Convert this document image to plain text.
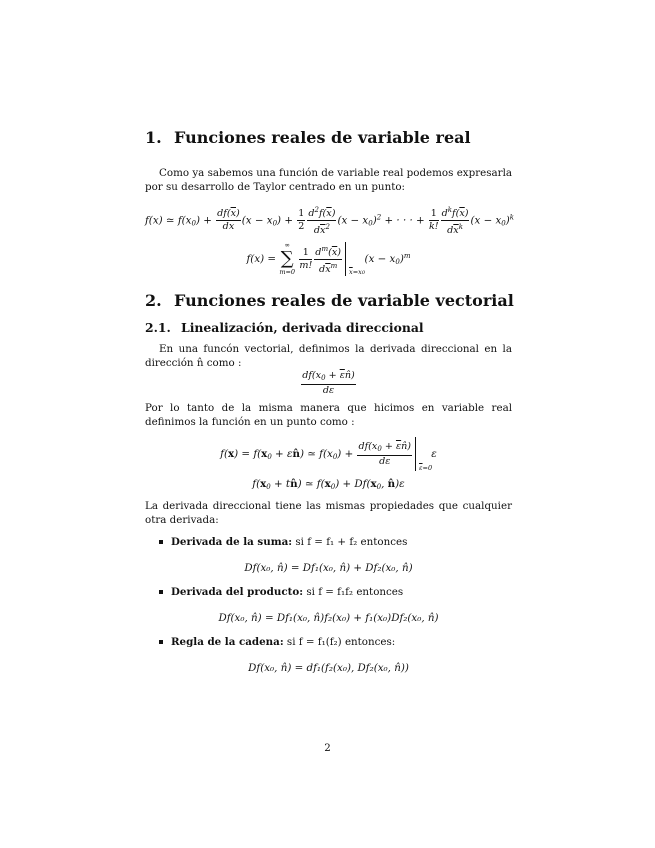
1. Funciones reales de variable real

Como ya sabemos una función de variable real podemos expresarla por su desarrollo de Taylor centrado en un punto:

f(x) ≃ $f(x0) + \frac{df(\overline{x})}{d\overline{x}} (x - x0) + \frac{1}{2} \frac{d^2f(\overline{x})}{d\overline{x}^2} (x - x0)^2$ + · · · + $\frac{1}{k!} \frac{d^kf(\overline{x})}{d\overline{x}^k} (x - x0)^k$
f(x) =
∞
∑
m=0

$\frac{1}{m!} \frac{d^m(\overline{x})}{d\overline{x}^m} \overline{x}=x0$
$(x - x0)^m$
2. Funciones reales de variable vectorial
2.1. Linealización, derivada direccional

En una funcón vectorial, definimos la derivada direccional en la dirección n̂ como :

$\frac{df(x_0 + \overline{\varepsilon}n̂)}{d\overline{\varepsilon}}$

Por lo tanto de la misma manera que hicimos en variable real definimos la función en un punto como :

f(x) = f(x0 + εn̂) ≃ $f(x0) + \frac{df(x_0 + \overline{\varepsilon}n̂)}{d\overline{\varepsilon}}$
$\overline{\varepsilon}=0$
ε
f(x0 + tn̂) ≃ f(x0) + Df(x0, n̂)ε

La derivada direccional tiene las mismas propiedades que cualquier otra derivada:

Derivada de la suma: si f = f₁ + f₂ entonces
Df(x₀, n̂) = Df₁(x₀, n̂) + Df₂(x₀, n̂)
Derivada del producto: si f = f₁f₂ entonces
Df(x₀, n̂) = Df₁(x₀, n̂)f₂(x₀) + f₁(x₀)Df₂(x₀, n̂)
Regla de la cadena: si f = f₁(f₂) entonces:
Df(x₀, n̂) = df₁(f₂(x₀), Df₂(x₀, n̂))
2
